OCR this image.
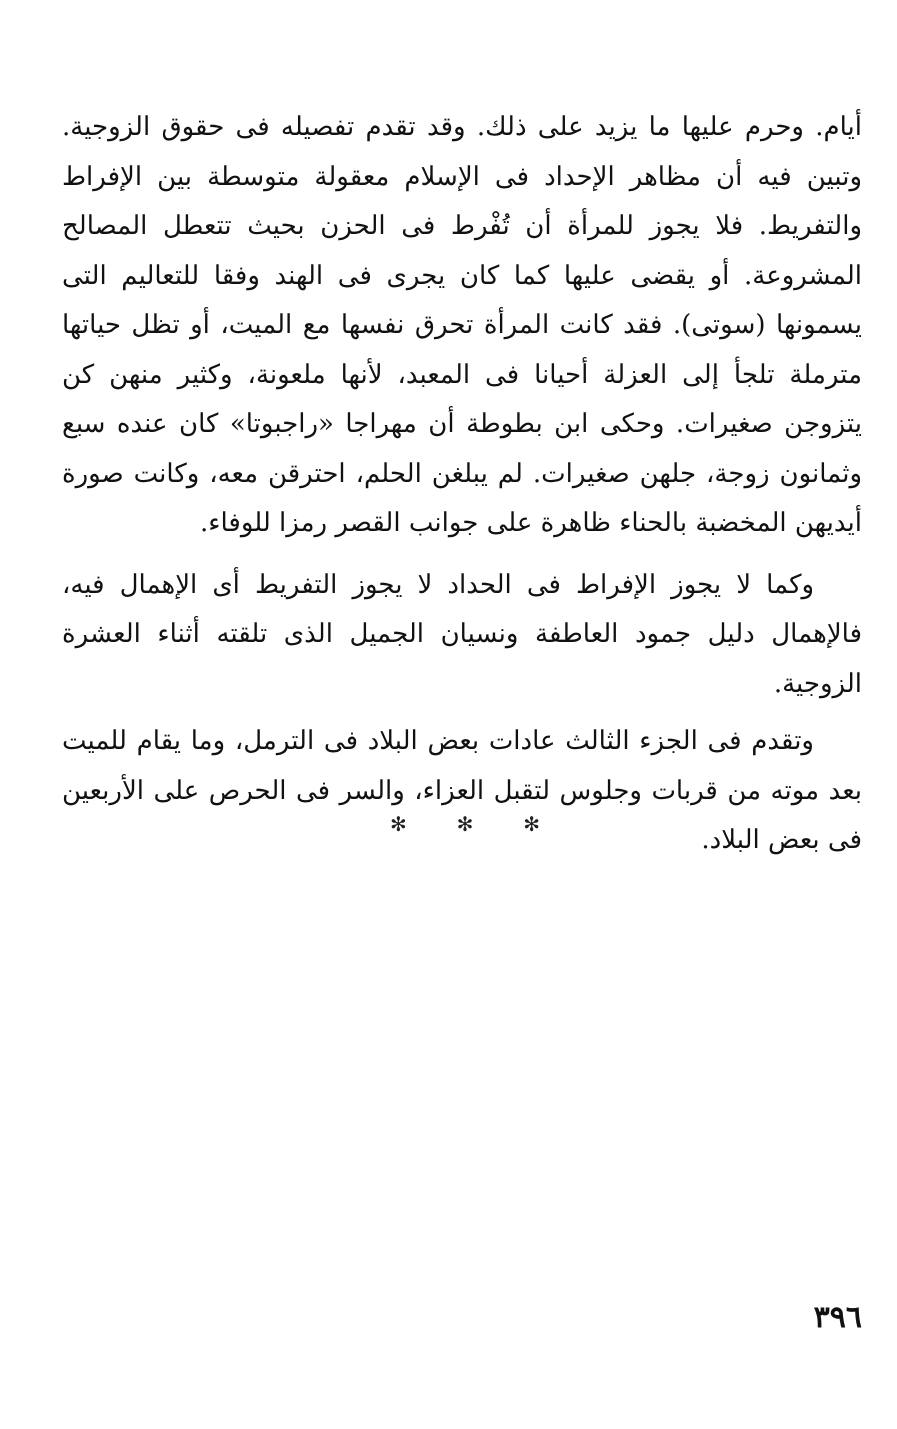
أيام. وحرم عليها ما يزيد على ذلك. وقد تقدم تفصيله فى حقوق الزوجية. وتبين فيه أن مظاهر الإحداد فى الإسلام معقولة متوسطة بين الإفراط والتفريط. فلا يجوز للمرأة أن تُفْرط فى الحزن بحيث تتعطل المصالح المشروعة. أو يقضى عليها كما كان يجرى فى الهند وفقا للتعاليم التى يسمونها (سوتى). فقد كانت المرأة تحرق نفسها مع الميت، أو تظل حياتها مترملة تلجأ إلى العزلة أحيانا فى المعبد، لأنها ملعونة، وكثير منهن كن يتزوجن صغيرات. وحكى ابن بطوطة أن مهراجا «راجبوتا» كان عنده سبع وثمانون زوجة، جلهن صغيرات. لم يبلغن الحلم، احترقن معه، وكانت صورة أيديهن المخضبة بالحناء ظاهرة على جوانب القصر رمزا للوفاء.

وكما لا يجوز الإفراط فى الحداد لا يجوز التفريط أى الإهمال فيه، فالإهمال دليل جمود العاطفة ونسيان الجميل الذى تلقته أثناء العشرة الزوجية.

وتقدم فى الجزء الثالث عادات بعض البلاد فى الترمل، وما يقام للميت بعد موته من قربات وجلوس لتقبل العزاء، والسر فى الحرص على الأربعين فى بعض البلاد.

✻ ✻ ✻
٣٩٦
